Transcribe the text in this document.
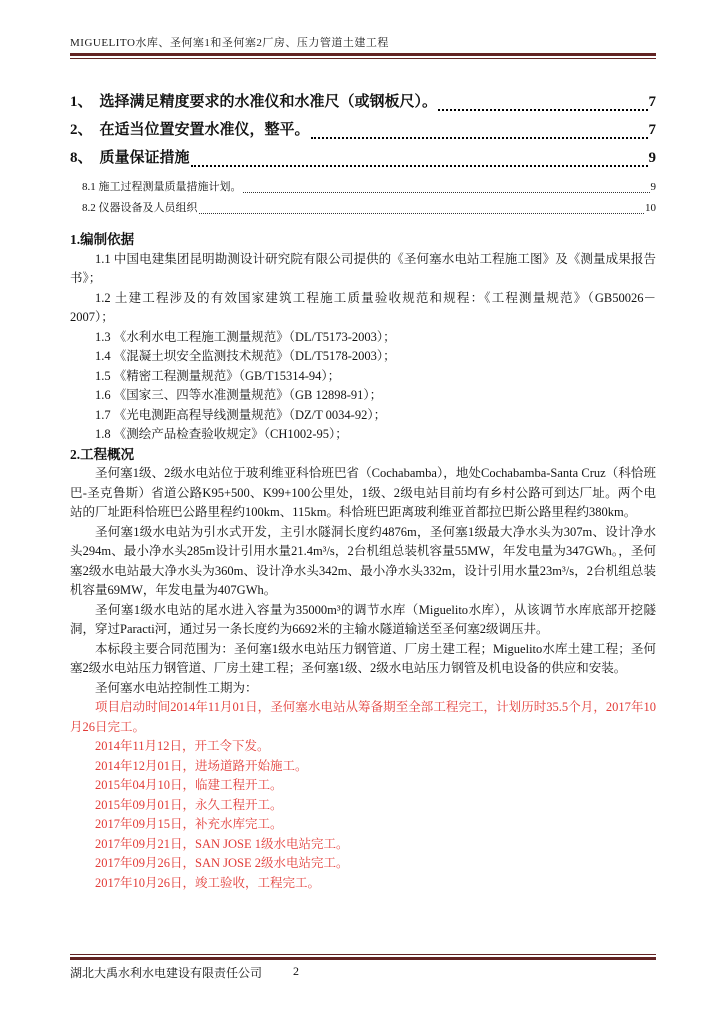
MIGUELITO水库、圣何塞1和圣何塞2厂房、压力管道土建工程
1、 选择满足精度要求的水准仪和水准尺（或钢板尺）。	7
2、 在适当位置安置水准仪，整平。	7
8、 质量保证措施	9
8.1 施工过程测量质量措施计划。	9
8.2 仪器设备及人员组织	10
1.编制依据

1.1 中国电建集团昆明勘测设计研究院有限公司提供的《圣何塞水电站工程施工图》及《测量成果报告书》；

1.2 土建工程涉及的有效国家建筑工程施工质量验收规范和规程：《工程测量规范》（GB50026－2007）；

1.3 《水利水电工程施工测量规范》（DL/T5173-2003）；

1.4 《混凝土坝安全监测技术规范》（DL/T5178-2003）；

1.5 《精密工程测量规范》（GB/T15314-94）；

1.6 《国家三、四等水准测量规范》（GB 12898-91）；

1.7 《光电测距高程导线测量规范》（DZ/T 0034-92）；

1.8 《测绘产品检查验收规定》（CH1002-95）；

2.工程概况

圣何塞1级、2级水电站位于玻利维亚科恰班巴省（Cochabamba），地处Cochabamba-Santa Cruz（科恰班巴-圣克鲁斯）省道公路K95+500、K99+100公里处，1级、2级电站目前均有乡村公路可到达厂址。两个电站的厂址距科恰班巴公路里程约100km、115km。科恰班巴距离玻利维亚首都拉巴斯公路里程约380km。

圣何塞1级水电站为引水式开发，主引水隧洞长度约4876m，圣何塞1级最大净水头为307m、设计净水头294m、最小净水头285m设计引用水量21.4m³/s，2台机组总装机容量55MW，年发电量为347GWh。，圣何塞2级水电站最大净水头为360m、设计净水头342m、最小净水头332m，设计引用水量23m³/s，2台机组总装机容量69MW，年发电量为407GWh。

圣何塞1级水电站的尾水进入容量为35000m³的调节水库（Miguelito水库），从该调节水库底部开挖隧洞，穿过Paracti河，通过另一条长度约为6692米的主输水隧道输送至圣何塞2级调压井。

本标段主要合同范围为：圣何塞1级水电站压力钢管道、厂房土建工程；Miguelito水库土建工程；圣何塞2级水电站压力钢管道、厂房土建工程；圣何塞1级、2级水电站压力钢管及机电设备的供应和安装。

圣何塞水电站控制性工期为：

项目启动时间2014年11月01日，圣何塞水电站从筹备期至全部工程完工，计划历时35.5个月，2017年10月26日完工。

2014年11月12日，开工令下发。

2014年12月01日，进场道路开始施工。

2015年04月10日，临建工程开工。

2015年09月01日，永久工程开工。

2017年09月15日，补充水库完工。

2017年09月21日，SAN JOSE 1级水电站完工。

2017年09月26日，SAN JOSE 2级水电站完工。

2017年10月26日，竣工验收，工程完工。

湖北大禹水利水电建设有限责任公司	2
